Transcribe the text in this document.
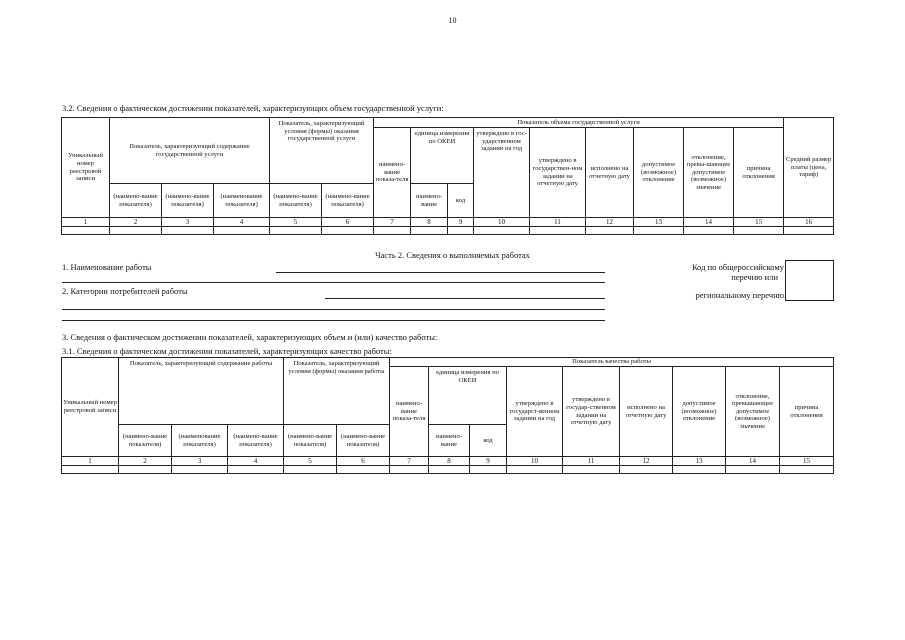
10
3.2. Сведения о фактическом достижении показателей, характеризующих объем государственной услуги:
Уникальный номер реестровой записи	Показатель, характеризующий содержание государственной услуги			Показатель, характеризующий условия (формы) оказания государственной услуги		Показатель объема государственной услуги									Средний размер платы (цена, тариф)
						наимено-вание показа-теля	единица измерения по ОКЕИ		утверждено в гос-ударственном задании на год	утверждено в государствен-ном задании на отчетную дату	исполнено на отчетную дату	допустимое (возможное) отклонение	отклонение, превы-шающее допустимое (возможное) значение	причина отклонения	
	(наимено-вание показателя)	(наимено-вание показателя)	(наименование показателя)	(наимено-вание показателя)	(наимено-вание показателя)		наимено-вание	код							
1	2	3	4	5	6	7	8	9	10	11	12	13	14	15	16

Часть 2. Сведения о выполняемых работах
1. Наименование работы
2. Категории потребителей работы
Код по общероссийскому
перечню или
региональному перечню
3. Сведения о фактическом достижении показателей, характеризующих объем и (или) качество работы:
3.1. Сведения о фактическом достижении показателей, характеризующих качество работы:
Уникальный номер реестровой записи	Показатель, характеризующий содержание работы			Показатель, характеризующий условия (формы) оказания работы		Показатель качества работы								
						наимено-вание показа-теля	единица измерения по ОКЕИ		утверждено в государст-венном задании на год	утверждено в государ-ственном задании на отчетную дату	исполнено на отчетную дату	допустимое (возможное) отклонение	отклонение, превышающее допустимое (возможное) значение	причина отклонения
	(наимено-вание показателя)	(наименование показателя)	(наимено-вание показателя)	(наимено-вание показателя)	(наимено-вание показателя)		наимено-вание	код						
1	2	3	4	5	6	7	8	9	10	11	12	13	14	15
